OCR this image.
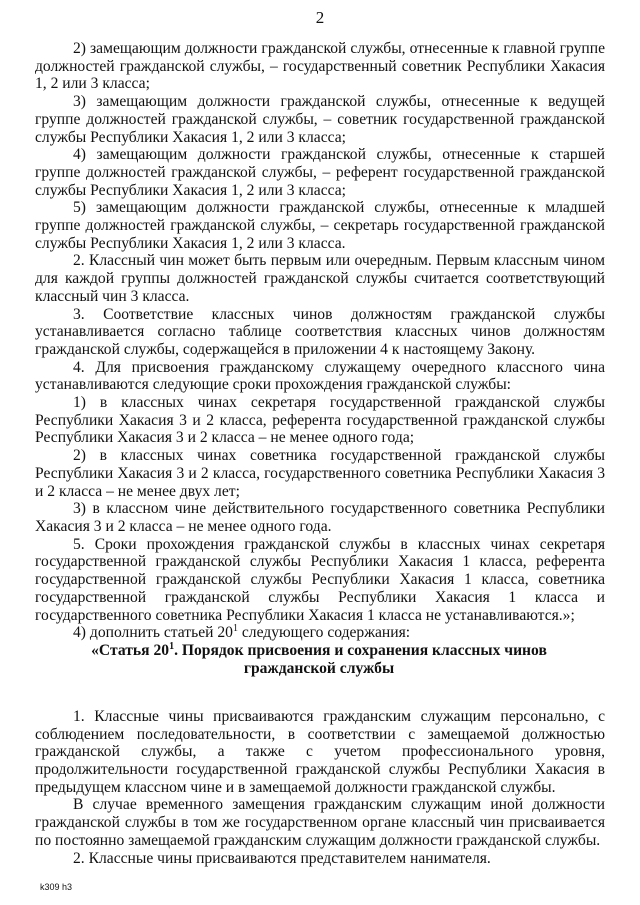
2

2) замещающим должности гражданской службы, отнесенные к главной группе должностей гражданской службы, – государственный советник Республики Хакасия 1, 2 или 3 класса;

3) замещающим должности гражданской службы, отнесенные к ведущей группе должностей гражданской службы, – советник государственной гражданской службы Республики Хакасия 1, 2 или 3 класса;

4) замещающим должности гражданской службы, отнесенные к старшей группе должностей гражданской службы, – референт государственной гражданской службы Республики Хакасия 1, 2 или 3 класса;

5) замещающим должности гражданской службы, отнесенные к младшей группе должностей гражданской службы, – секретарь государственной гражданской службы Республики Хакасия 1, 2 или 3 класса.

2. Классный чин может быть первым или очередным. Первым классным чином для каждой группы должностей гражданской службы считается соответствующий классный чин 3 класса.

3. Соответствие классных чинов должностям гражданской службы устанавливается согласно таблице соответствия классных чинов должностям гражданской службы, содержащейся в приложении 4 к настоящему Закону.

4. Для присвоения гражданскому служащему очередного классного чина устанавливаются следующие сроки прохождения гражданской службы:

1) в классных чинах секретаря государственной гражданской службы Республики Хакасия 3 и 2 класса, референта государственной гражданской службы Республики Хакасия 3 и 2 класса – не менее одного года;

2) в классных чинах советника государственной гражданской службы Республики Хакасия 3 и 2 класса, государственного советника Республики Хакасия 3 и 2 класса – не менее двух лет;

3) в классном чине действительного государственного советника Республики Хакасия 3 и 2 класса – не менее одного года.

5. Сроки прохождения гражданской службы в классных чинах секретаря государственной гражданской службы Республики Хакасия 1 класса, референта государственной гражданской службы Республики Хакасия 1 класса, советника государственной гражданской службы Республики Хакасия 1 класса и государственного советника Республики Хакасия 1 класса не устанавливаются.»;

4) дополнить статьей $20^1$ следующего содержания:

«Статья $20^1$. Порядок присвоения и сохранения классных чинов гражданской службы

1. Классные чины присваиваются гражданским служащим персонально, с соблюдением последовательности, в соответствии с замещаемой должностью гражданской службы, а также с учетом профессионального уровня, продолжительности государственной гражданской службы Республики Хакасия в предыдущем классном чине и в замещаемой должности гражданской службы.

В случае временного замещения гражданским служащим иной должности гражданской службы в том же государственном органе классный чин присваивается по постоянно замещаемой гражданским служащим должности гражданской службы.

2. Классные чины присваиваются представителем нанимателя.

k309 h3
